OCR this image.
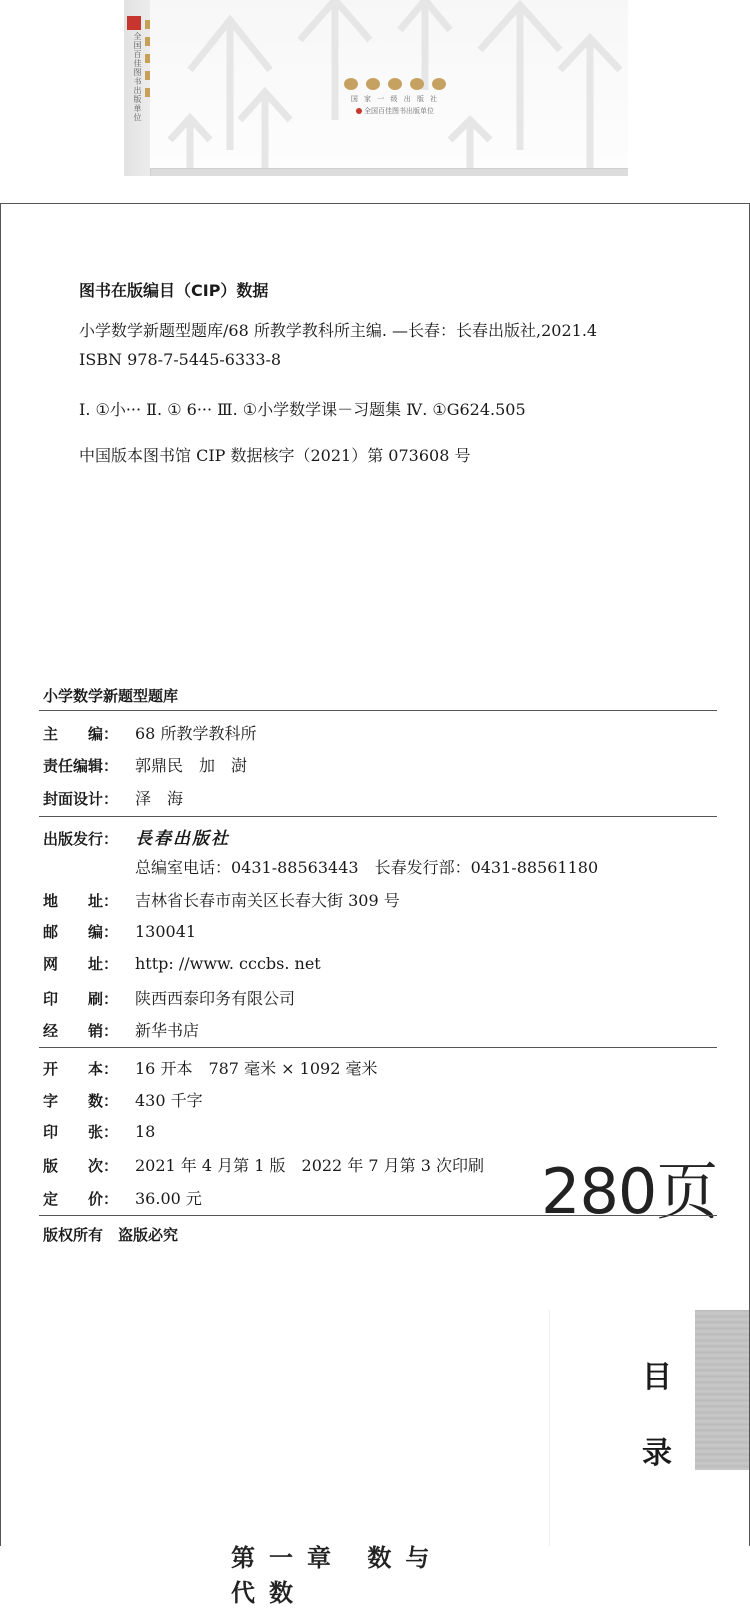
全国百佳图书出版单位	国 家 一 级 出 版 社
全国百佳图书出版单位
图书在版编目（CIP）数据
小学数学新题型题库/68 所教学教科所主编. —长春：长春出版社,2021.4
ISBN 978-7-5445-6333-8
Ⅰ. ①小··· Ⅱ. ① 6··· Ⅲ. ①小学数学课－习题集 Ⅳ. ①G624.505
中国版本图书馆 CIP 数据核字（2021）第 073608 号
小学数学新题型题库
主　　编：	68 所教学教科所
责任编辑：	郭鼎民　加　澍
封面设计：	泽　海
出版发行： 長春出版社
总编室电话：0431-88563443　长春发行部：0431-88561180
地　　址：	吉林省长春市南关区长春大街 309 号
邮　　编：	130041
网　　址：	http: //www. cccbs. net
印　　刷：	陕西西泰印务有限公司
经　　销：	新华书店
开　　本：	16 开本　787 毫米 × 1092 毫米
字　　数：	430 千字
印　　张：	18
版　　次：	2021 年 4 月第 1 版　2022 年 7 月第 3 次印刷
定　　价：	36.00 元	280页
版权所有　盗版必究
目
录
第一章 数与代数
